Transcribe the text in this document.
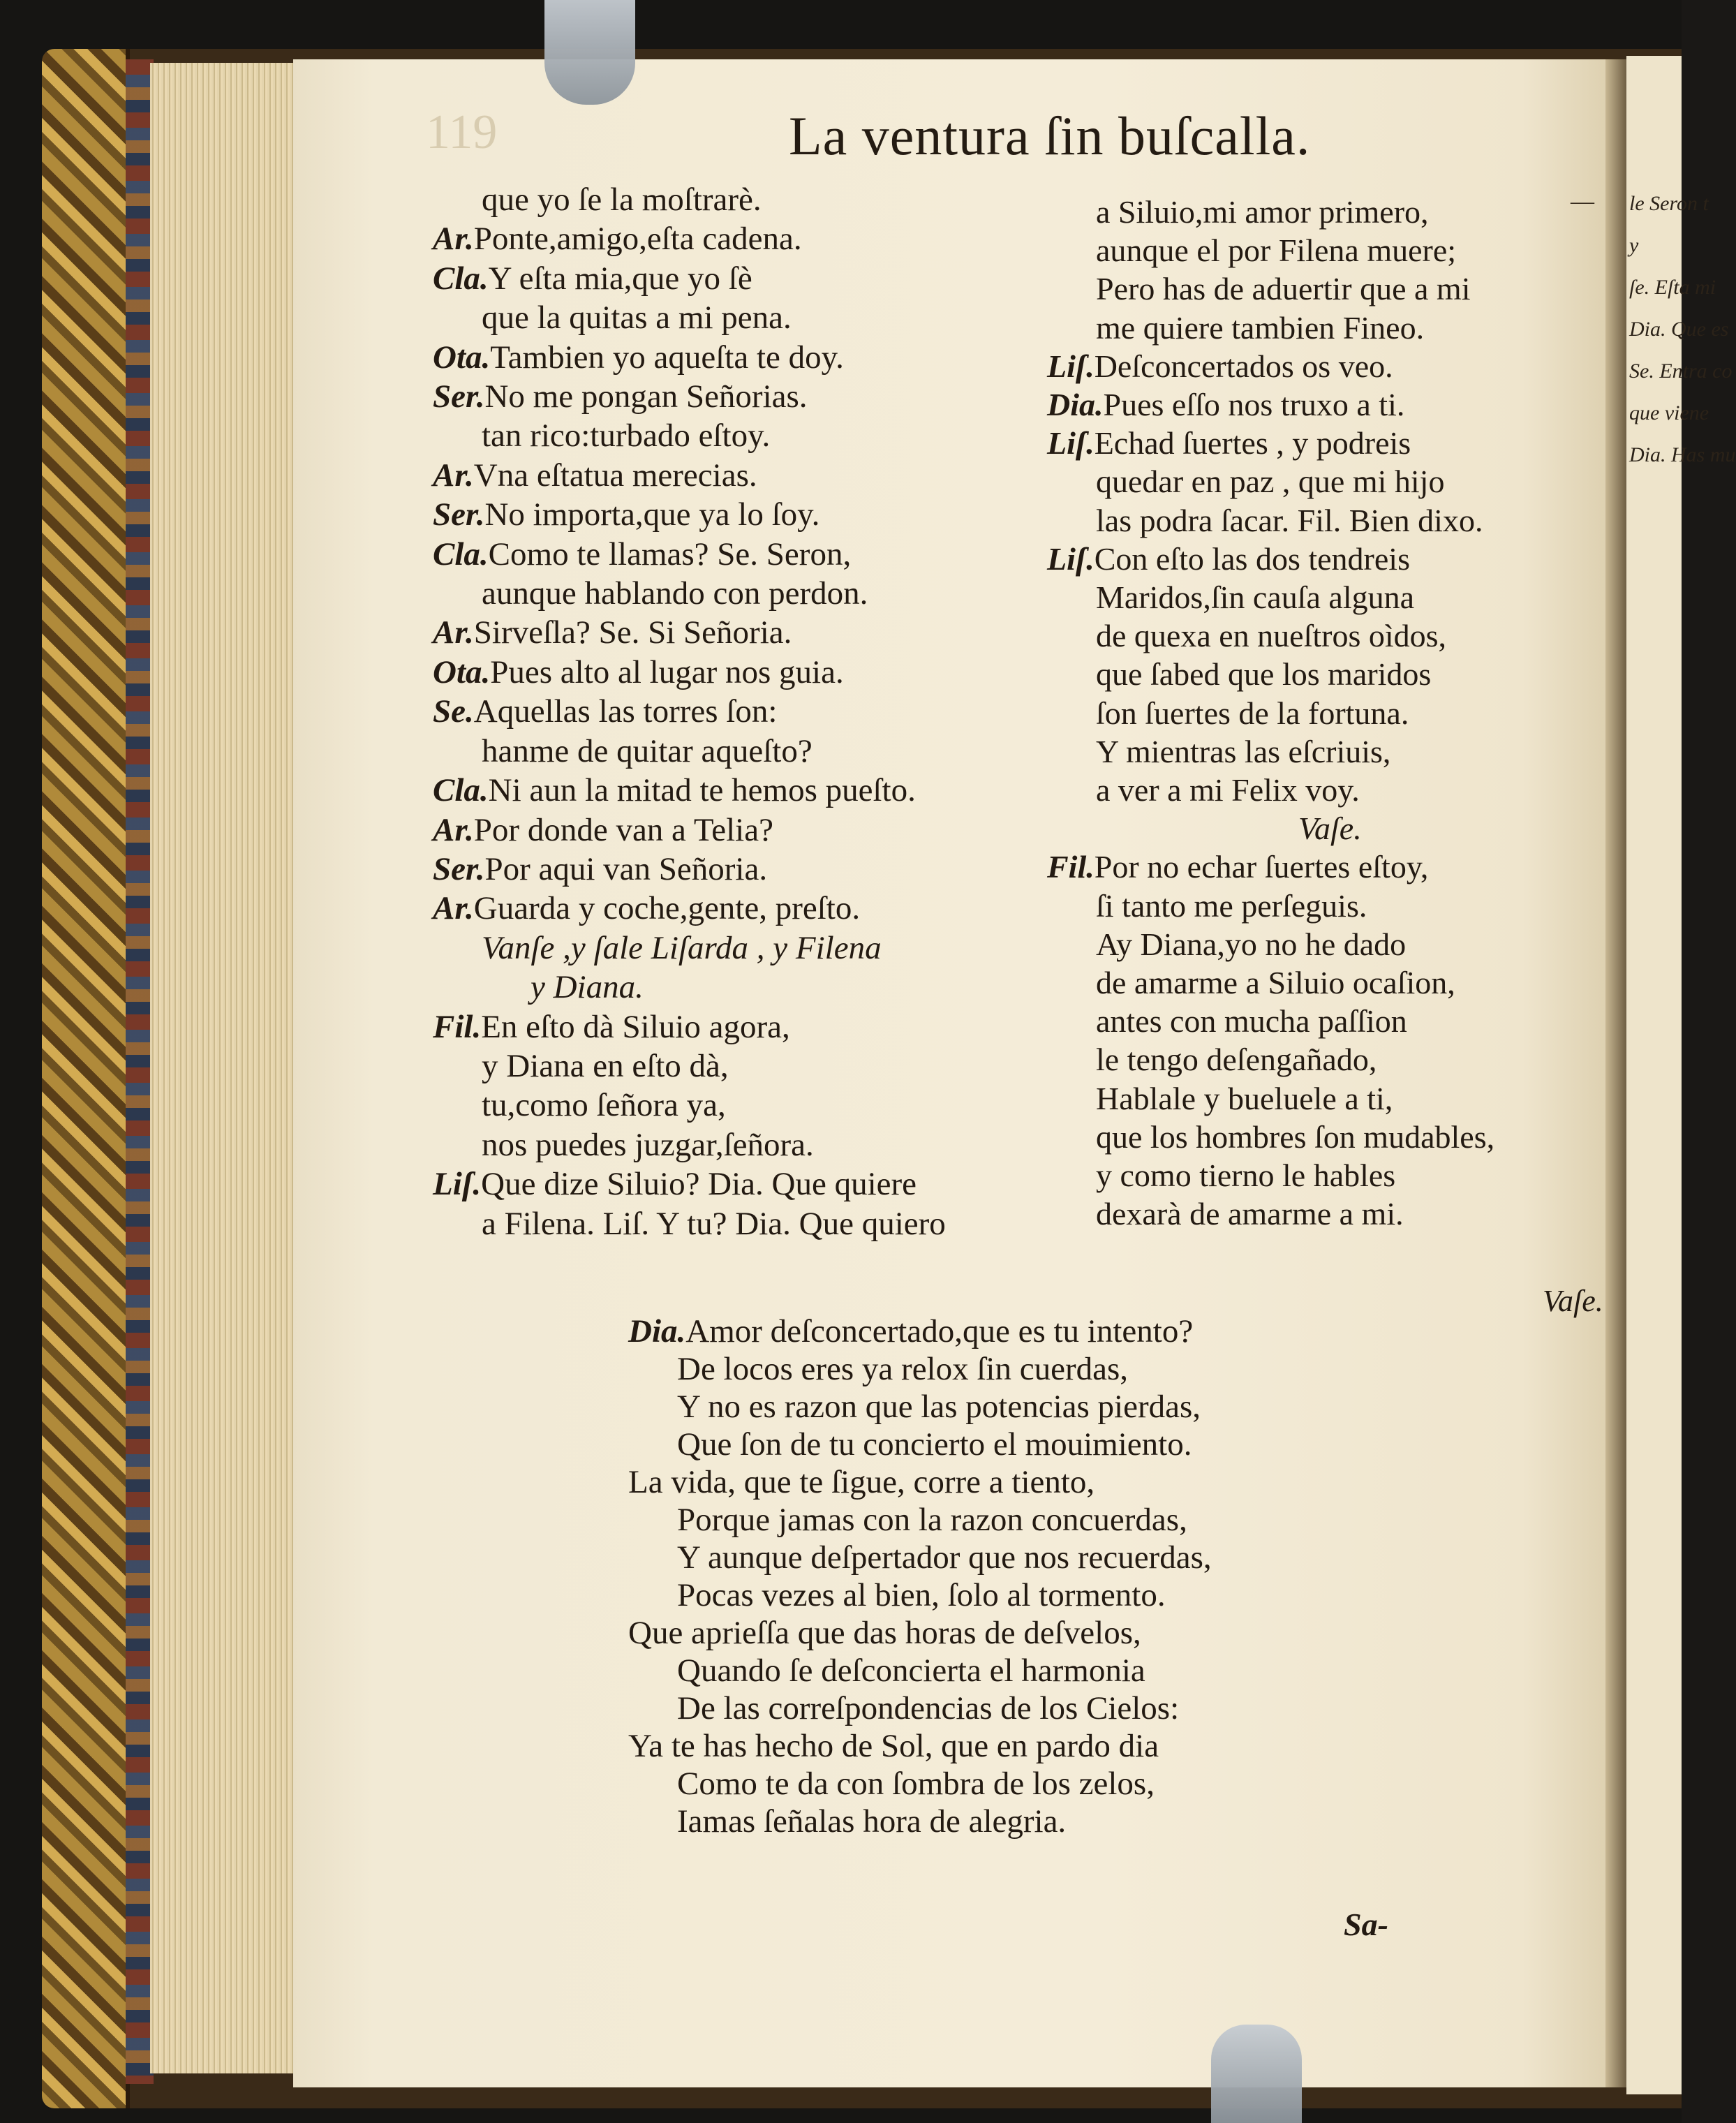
le Seron t
y
ſe. Eſta mi
Dia. Que es
Se. Entra co
que viene
Dia. Has mu
119	La ventura ſin buſcalla.
—
que yo ſe la moſtrarè.
Ar.Ponte,amigo,eſta cadena.
Cla.Y eſta mia,que yo ſè
que la quitas a mi pena.
Ota.Tambien yo aqueſta te doy.
Ser.No me pongan Señorias.
tan rico:turbado eſtoy.
Ar.Vna eſtatua merecias.
Ser.No importa,que ya lo ſoy.
Cla.Como te llamas? Se. Seron,
aunque hablando con perdon.
Ar.Sirveſla? Se. Si Señoria.
Ota.Pues alto al lugar nos guia.
Se.Aquellas las torres ſon:
hanme de quitar aqueſto?
Cla.Ni aun la mitad te hemos pueſto.
Ar.Por donde van a Telia?
Ser.Por aqui van Señoria.
Ar.Guarda y coche,gente, preſto.
Vanſe ,y ſale Liſarda , y Filena
y Diana.
Fil.En eſto dà Siluio agora,
y Diana en eſto dà,
tu,como ſeñora ya,
nos puedes juzgar,ſeñora.
Liſ.Que dize Siluio? Dia. Que quiere
a Filena. Liſ. Y tu? Dia. Que quiero
a Siluio,mi amor primero,
aunque el por Filena muere;
Pero has de aduertir que a mi
me quiere tambien Fineo.
Liſ.Deſconcertados os veo.
Dia.Pues eſſo nos truxo a ti.
Liſ.Echad ſuertes , y podreis
quedar en paz , que mi hijo
las podra ſacar. Fil. Bien dixo.
Liſ.Con eſto las dos tendreis
Maridos,ſin cauſa alguna
de quexa en nueſtros oìdos,
que ſabed que los maridos
ſon ſuertes de la fortuna.
Y mientras las eſcriuis,
a ver a mi Felix voy.
Vaſe.
Fil.Por no echar ſuertes eſtoy,
ſi tanto me perſeguis.
Ay Diana,yo no he dado
de amarme a Siluio ocaſion,
antes con mucha paſſion
le tengo deſengañado,
Hablale y bueluele a ti,
que los hombres ſon mudables,
y como tierno le hables
dexarà de amarme a mi.
Vaſe.
Dia.Amor deſconcertado,que es tu intento?
De locos eres ya relox ſin cuerdas,
Y no es razon que las potencias pierdas,
Que ſon de tu concierto el mouimiento.
La vida, que te ſigue, corre a tiento,
Porque jamas con la razon concuerdas,
Y aunque deſpertador que nos recuerdas,
Pocas vezes al bien, ſolo al tormento.
Que aprieſſa que das horas de deſvelos,
Quando ſe deſconcierta el harmonia
De las correſpondencias de los Cielos:
Ya te has hecho de Sol, que en pardo dia
Como te da con ſombra de los zelos,
Iamas ſeñalas hora de alegria.
Sa-
